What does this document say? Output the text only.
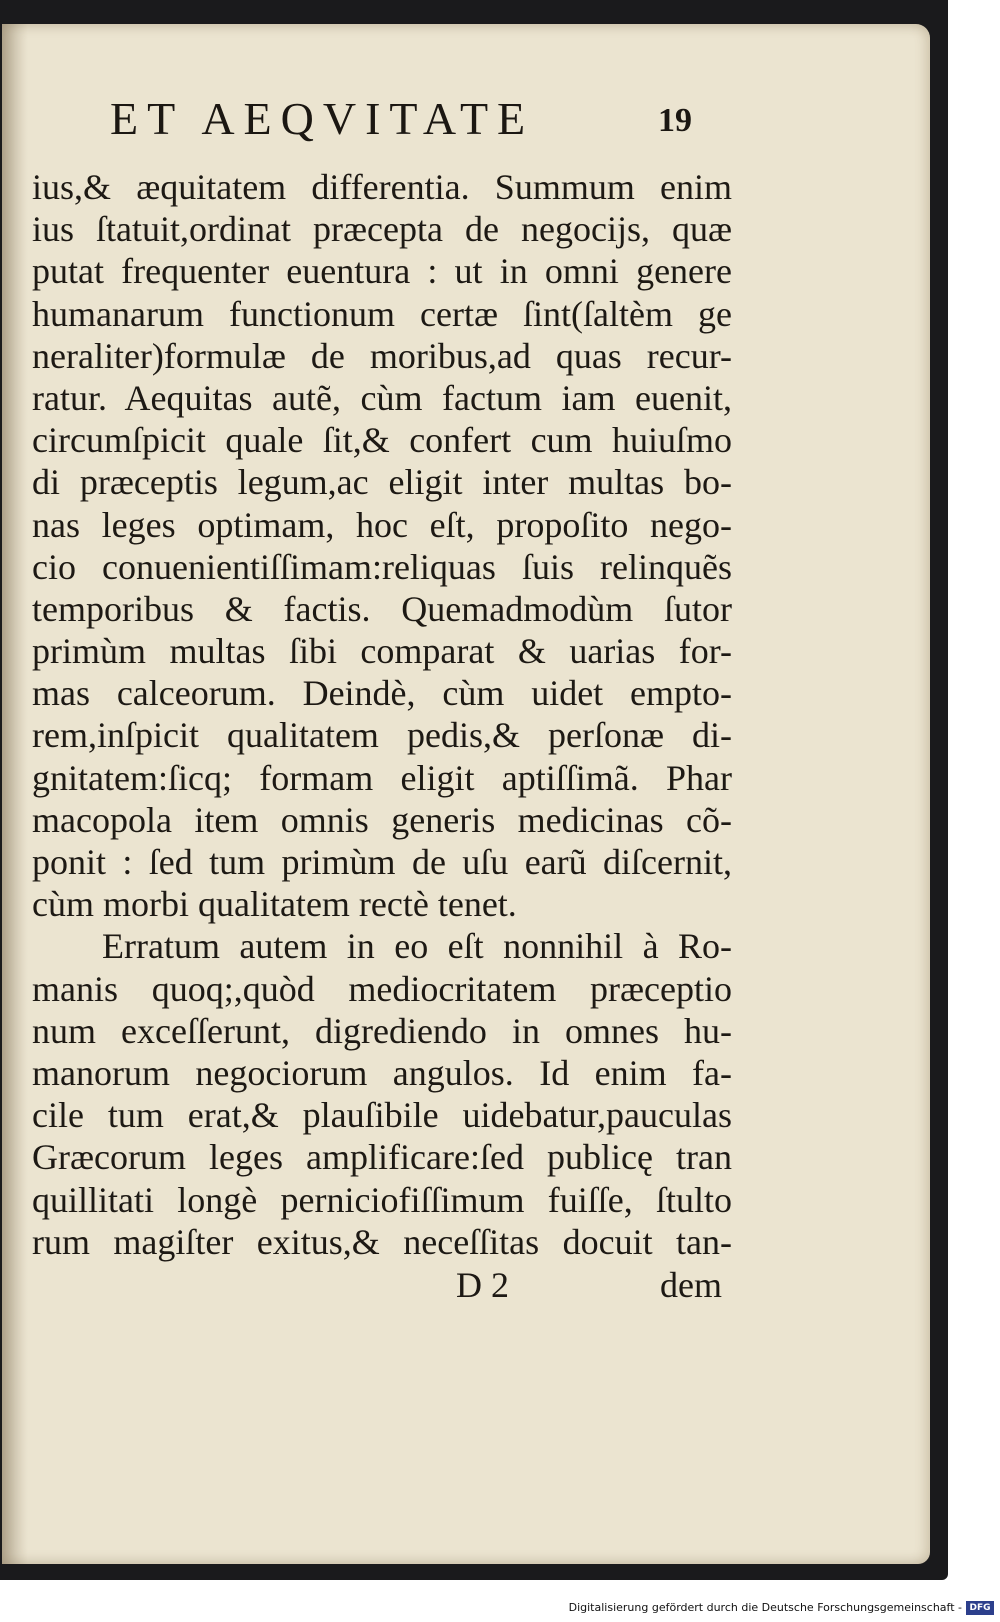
ET AEQVITATE	19
ius,& æquitatem differentia. Summum enim
ius ſtatuit,ordinat præcepta de negocijs, quæ
putat frequenter euentura : ut in omni genere
humanarum functionum certæ ſint(ſaltèm ge
neraliter)formulæ de moribus,ad quas recur-
ratur. Aequitas autẽ, cùm factum iam euenit,
circumſpicit quale ſit,& confert cum huiuſmo
di præceptis legum,ac eligit inter multas bo-
nas leges optimam, hoc eſt, propoſito nego-
cio conuenientiſſimam:reliquas ſuis relinquẽs
temporibus & factis. Quemadmodùm ſutor
primùm multas ſibi comparat & uarias for-
mas calceorum. Deindè, cùm uidet empto-
rem,inſpicit qualitatem pedis,& perſonæ di-
gnitatem:ſicq; formam eligit aptiſſimã. Phar
macopola item omnis generis medicinas cõ-
ponit : ſed tum primùm de uſu earũ diſcernit,
cùm morbi qualitatem rectè tenet.
Erratum autem in eo eſt nonnihil à Ro-
manis quoq;,quòd mediocritatem præceptio
num exceſſerunt, digrediendo in omnes hu-
manorum negociorum angulos. Id enim fa-
cile tum erat,& plauſibile uidebatur,pauculas
Græcorum leges amplificare:ſed publicę tran
quillitati longè perniciofiſſimum fuiſſe, ſtulto
rum magiſter exitus,& neceſſitas docuit tan-
D 2	dem
Digitalisierung gefördert durch die Deutsche Forschungsgemeinschaft - DFG
